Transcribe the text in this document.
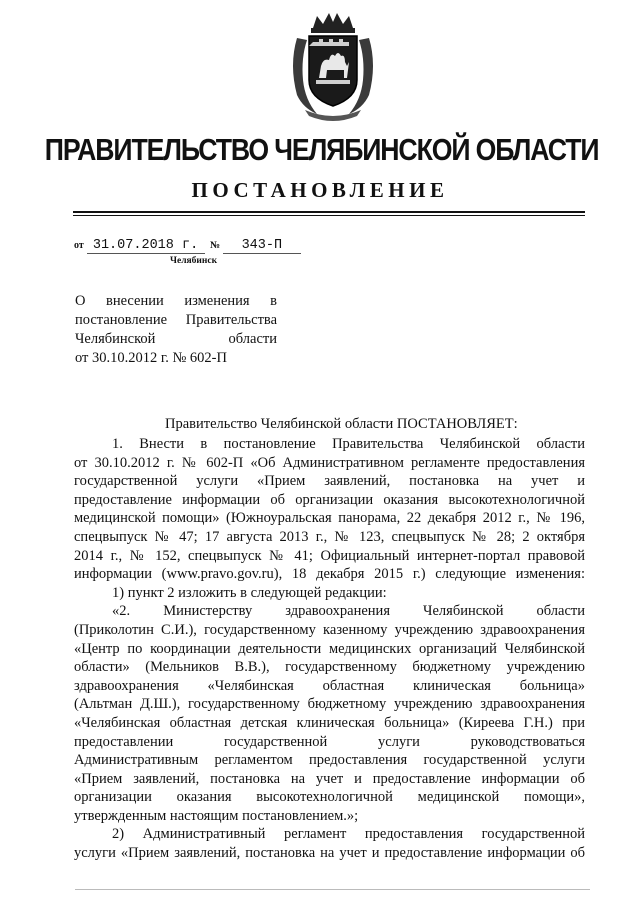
ПРАВИТЕЛЬСТВО ЧЕЛЯБИНСКОЙ ОБЛАСТИ
ПОСТАНОВЛЕНИЕ
от 31.07.2018 г. № 343-П
Челябинск
О внесении изменения в
постановление Правительства
Челябинской области
от 30.10.2012 г. № 602-П
Правительство Челябинской области ПОСТАНОВЛЯЕТ:
1. Внести в постановление Правительства Челябинской области
от 30.10.2012 г. № 602-П «Об Административном регламенте предоставления
государственной услуги «Прием заявлений, постановка на учет и
предоставление информации об организации оказания высокотехнологичной
медицинской помощи» (Южноуральская панорама, 22 декабря 2012 г., № 196,
спецвыпуск № 47; 17 августа 2013 г., № 123, спецвыпуск № 28; 2 октября
2014 г., № 152, спецвыпуск № 41; Официальный интернет-портал правовой
информации (www.pravo.gov.ru), 18 декабря 2015 г.) следующие изменения:
1) пункт 2 изложить в следующей редакции:
«2. Министерству здравоохранения Челябинской области
(Приколотин С.И.), государственному казенному учреждению здравоохранения
«Центр по координации деятельности медицинских организаций Челябинской
области» (Мельников В.В.), государственному бюджетному учреждению
здравоохранения «Челябинская областная клиническая больница»
(Альтман Д.Ш.), государственному бюджетному учреждению здравоохранения
«Челябинская областная детская клиническая больница» (Киреева Г.Н.) при
предоставлении государственной услуги руководствоваться
Административным регламентом предоставления государственной услуги
«Прием заявлений, постановка на учет и предоставление информации об
организации оказания высокотехнологичной медицинской помощи»,
утвержденным настоящим постановлением.»;
2) Административный регламент предоставления государственной
услуги «Прием заявлений, постановка на учет и предоставление информации об
